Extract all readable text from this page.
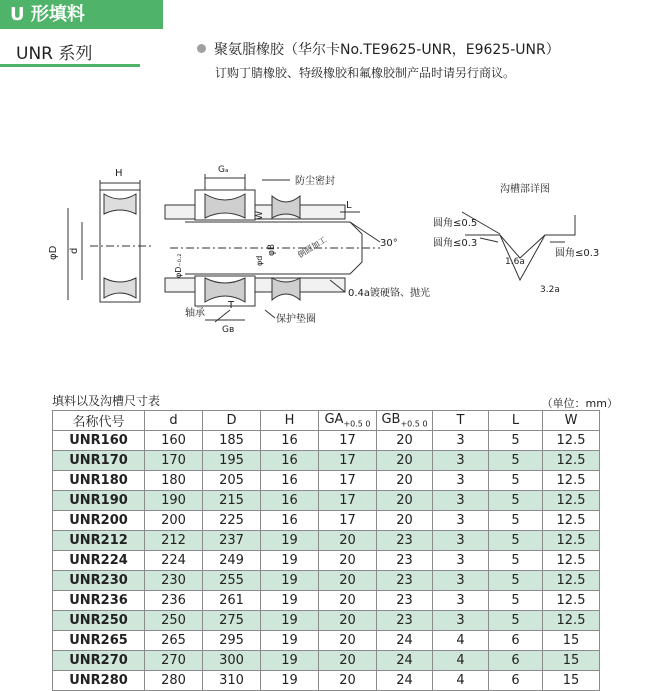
U 形填料
UNR 系列	聚氨脂橡胶（华尔卡No.TE9625-UNR，E9625-UNR）
订购丁腈橡胶、特级橡胶和氟橡胶制产品时请另行商议。
H
φD d
Gₐ
防尘密封
W
L
φD₋₀.₂	φd
φB 倒圆加工	30°
轴承
T
Gв
保护垫圈
0.4a镀硬铬、抛光
沟槽部详图
圆角≤0.5
圆角≤0.3
圆角≤0.3
1.6a
3.2a
填料以及沟槽尺寸表	（单位：mm）
名称代号	d	D	H	$GA_{+0.5 0}$	$GB_{+0.5 0}$	T	L	W
UNR160	160	185	16	17	20	3	5	12.5
UNR170	170	195	16	17	20	3	5	12.5
UNR180	180	205	16	17	20	3	5	12.5
UNR190	190	215	16	17	20	3	5	12.5
UNR200	200	225	16	17	20	3	5	12.5
UNR212	212	237	19	20	23	3	5	12.5
UNR224	224	249	19	20	23	3	5	12.5
UNR230	230	255	19	20	23	3	5	12.5
UNR236	236	261	19	20	23	3	5	12.5
UNR250	250	275	19	20	23	3	5	12.5
UNR265	265	295	19	20	24	4	6	15
UNR270	270	300	19	20	24	4	6	15
UNR280	280	310	19	20	24	4	6	15
